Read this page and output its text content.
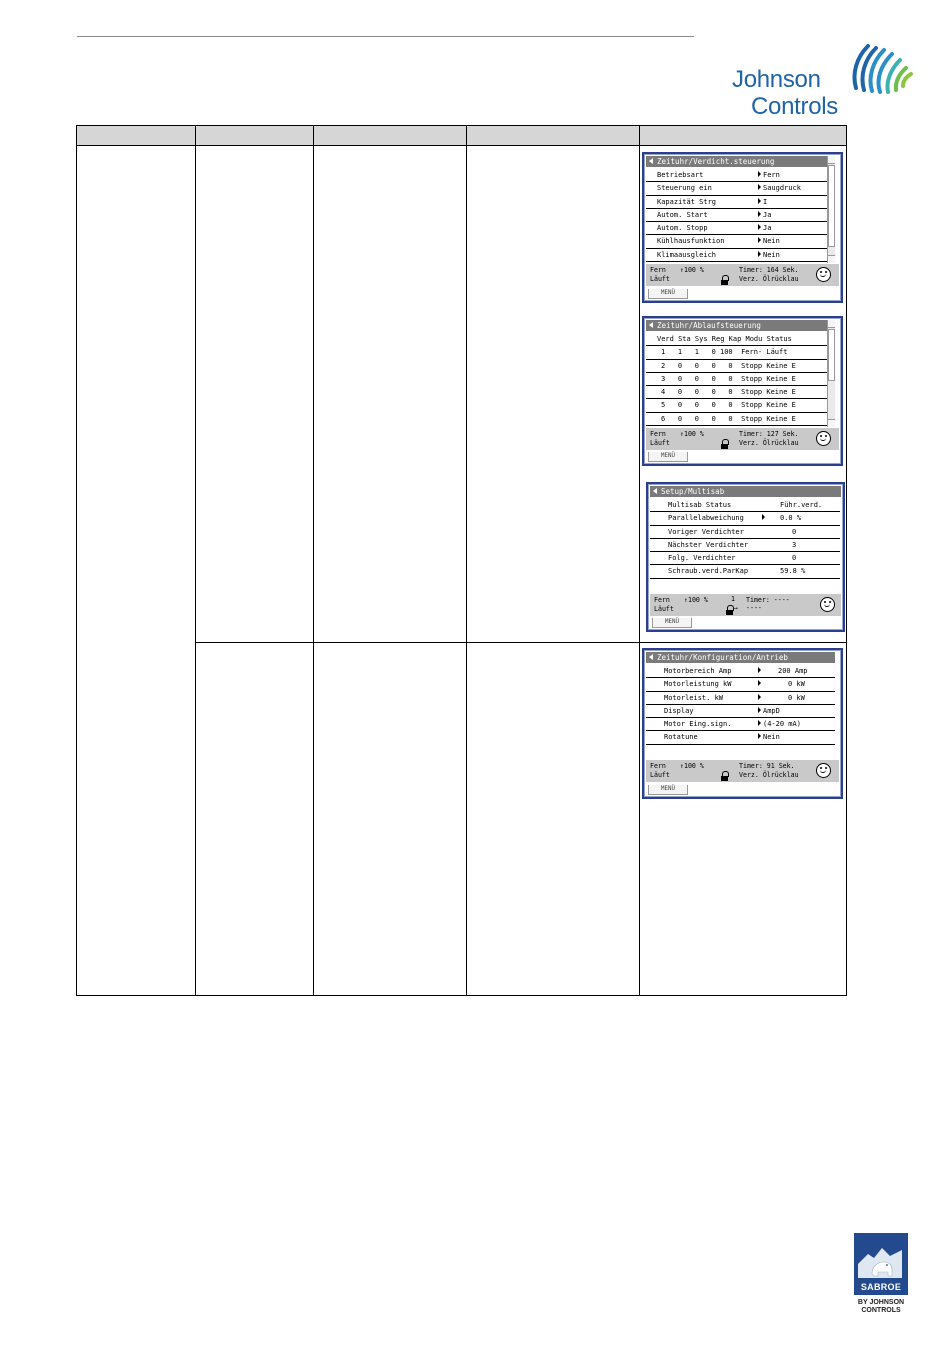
Johnson
Controls
Zeituhr/Verdicht.steuerung
Betriebsart	Fern
Steuerung ein	Saugdruck
Kapazität Strg	I
Autom. Start	Ja
Autom. Stopp	Ja
Kühlhausfunktion	Nein
Klimaausgleich	Nein
Fern ↑100 %
Läuft
Timer: 164 Sek.
Verz. Ölrücklau
MENÜ
Zeituhr/Ablaufsteuerung
Verd Sta Sys Reg Kap Modu Status
1   1   1   0 100  Fern- Läuft
2   0   0   0   0  Stopp Keine E
3   0   0   0   0  Stopp Keine E
4   0   0   0   0  Stopp Keine E
5   0   0   0   0  Stopp Keine E
6   0   0   0   0  Stopp Keine E
Fern ↑100 %
Läuft
Timer: 127 Sek.
Verz. Ölrücklau
MENÜ
Setup/Multisab
Multisab Status	Führ.verd.
Parallelabweichung	0.0 %
Voriger Verdichter	0
Nächster Verdichter	3
Folg. Verdichter	0
Schraub.verd.ParKap	59.8 %
Fern ↑100 %
Läuft
1
→
Timer: ----
----
MENÜ
Zeituhr/Konfiguration/Antrieb
Motorbereich Amp	200 Amp
Motorleistung kW	0 kW
Motorleist. kW	0 kW
Display	AmpD
Motor Eing.sign.	(4-20 mA)
Rotatune	Nein
Fern ↑100 %
Läuft
Timer: 91 Sek.
Verz. Ölrücklau
MENÜ
SABROE
BY JOHNSON
CONTROLS
